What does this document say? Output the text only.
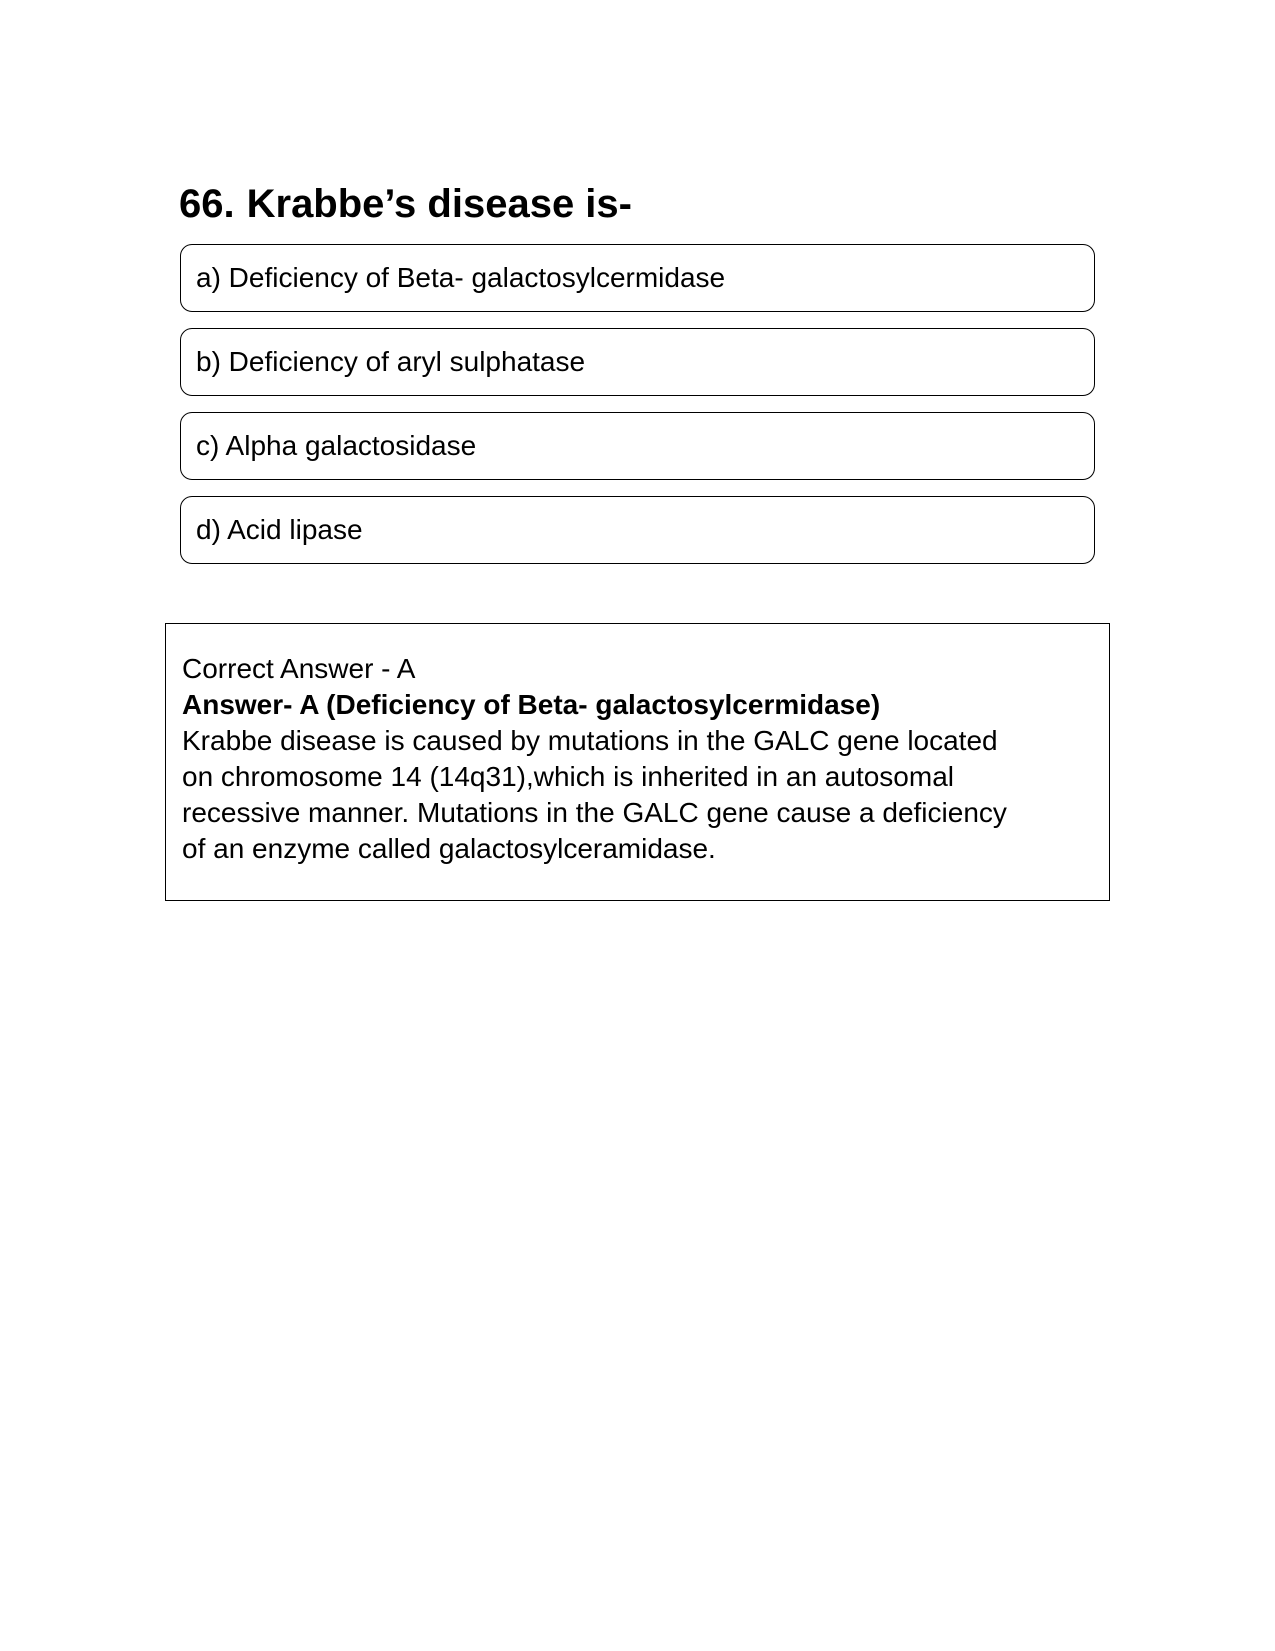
66. Krabbe’s disease is-
a) Deficiency of Beta- galactosylcermidase
b) Deficiency of aryl sulphatase
c) Alpha galactosidase
d) Acid lipase
Correct Answer - A
Answer- A (Deficiency of Beta- galactosylcermidase)
Krabbe disease is caused by mutations in the GALC gene located
on chromosome 14 (14q31),which is inherited in an autosomal
recessive manner. Mutations in the GALC gene cause a deficiency
of an enzyme called galactosylceramidase.
